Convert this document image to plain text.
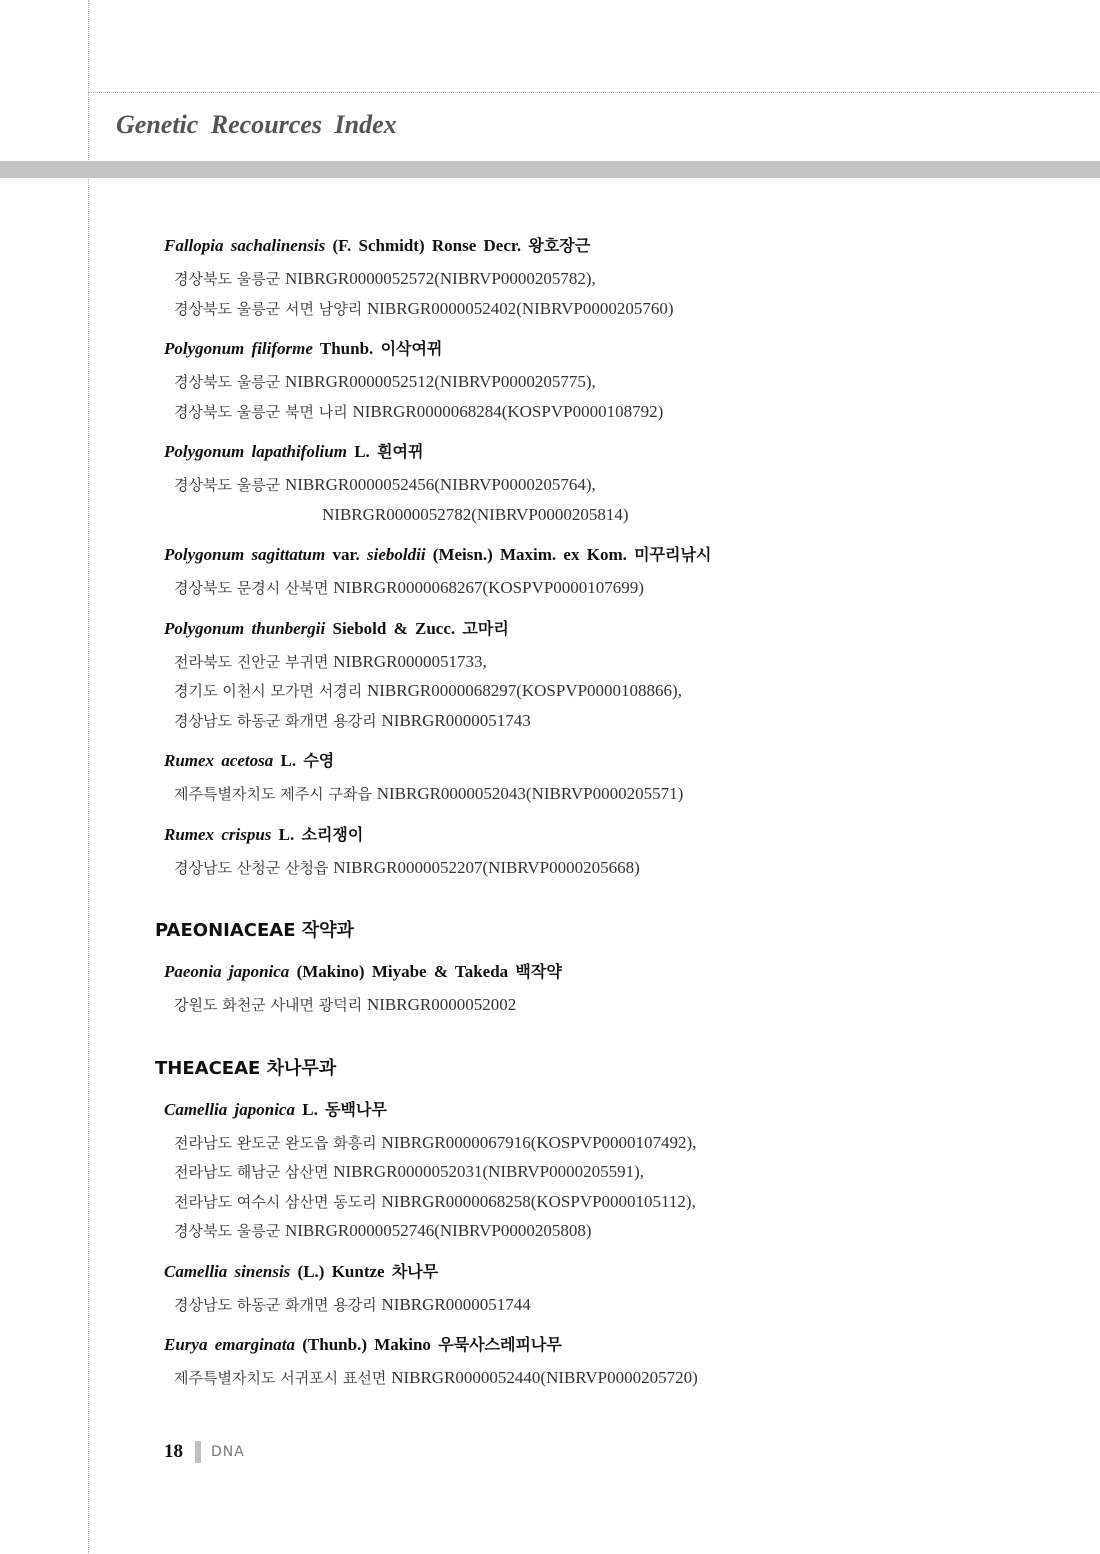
Genetic Recources Index
Fallopia sachalinensis (F. Schmidt) Ronse Decr. 왕호장근
경상북도 울릉군 NIBRGR0000052572(NIBRVP0000205782),
경상북도 울릉군 서면 남양리 NIBRGR0000052402(NIBRVP0000205760)
Polygonum filiforme Thunb. 이삭여뀌
경상북도 울릉군 NIBRGR0000052512(NIBRVP0000205775),
경상북도 울릉군 북면 나리 NIBRGR0000068284(KOSPVP0000108792)
Polygonum lapathifolium L. 흰여뀌
경상북도 울릉군 NIBRGR0000052456(NIBRVP0000205764),
NIBRGR0000052782(NIBRVP0000205814)
Polygonum sagittatum var. sieboldii (Meisn.) Maxim. ex Kom. 미꾸리낚시
경상북도 문경시 산북면 NIBRGR0000068267(KOSPVP0000107699)
Polygonum thunbergii Siebold & Zucc. 고마리
전라북도 진안군 부귀면 NIBRGR0000051733,
경기도 이천시 모가면 서경리 NIBRGR0000068297(KOSPVP0000108866),
경상남도 하동군 화개면 용강리 NIBRGR0000051743
Rumex acetosa L. 수영
제주특별자치도 제주시 구좌읍 NIBRGR0000052043(NIBRVP0000205571)
Rumex crispus L. 소리쟁이
경상남도 산청군 산청읍 NIBRGR0000052207(NIBRVP0000205668)
PAEONIACEAE 작약과
Paeonia japonica (Makino) Miyabe & Takeda 백작약
강원도 화천군 사내면 광덕리 NIBRGR0000052002
THEACEAE 차나무과
Camellia japonica L. 동백나무
전라남도 완도군 완도읍 화흥리 NIBRGR0000067916(KOSPVP0000107492),
전라남도 해남군 삼산면 NIBRGR0000052031(NIBRVP0000205591),
전라남도 여수시 삼산면 동도리 NIBRGR0000068258(KOSPVP0000105112),
경상북도 울릉군 NIBRGR0000052746(NIBRVP0000205808)
Camellia sinensis (L.) Kuntze 차나무
경상남도 하동군 화개면 용강리 NIBRGR0000051744
Eurya emarginata (Thunb.) Makino 우묵사스레피나무
제주특별자치도 서귀포시 표선면 NIBRGR0000052440(NIBRVP0000205720)
18 DNA
